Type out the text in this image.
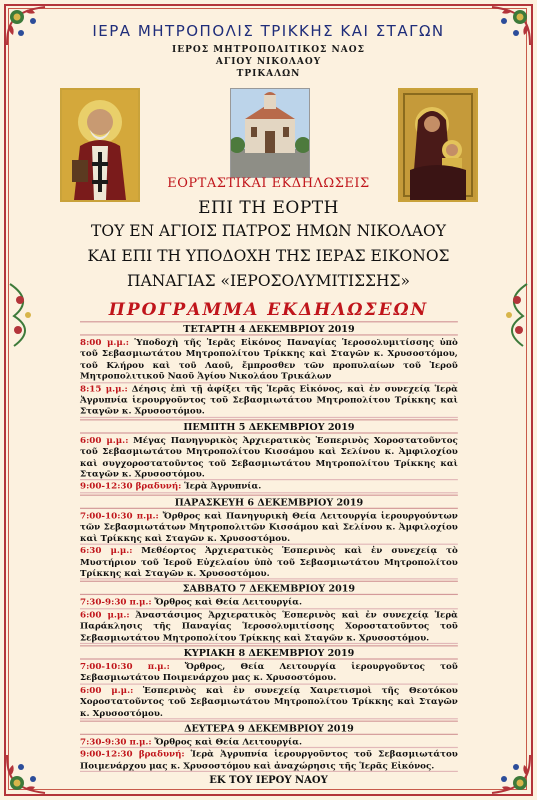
ΙΕΡΑ ΜΗΤΡΟΠΟΛΙΣ ΤΡΙΚΚΗΣ ΚΑΙ ΣΤΑΓΩΝ
ΙΕΡΟΣ ΜΗΤΡΟΠΟΛΙΤΙΚΟΣ ΝΑΟΣ
ΑΓΙΟΥ ΝΙΚΟΛΑΟΥ
ΤΡΙΚΑΛΩΝ
ΕΟΡΤΑΣΤΙΚΑΙ ΕΚΔΗΛΩΣΕΙΣ
ΕΠΙ ΤΗ ΕΟΡΤΗ
ΤΟΥ ΕΝ ΑΓΙΟΙΣ ΠΑΤΡΟΣ ΗΜΩΝ ΝΙΚΟΛΑΟΥ
ΚΑΙ ΕΠΙ ΤΗ ΥΠΟΔΟΧΗ ΤΗΣ ΙΕΡΑΣ ΕΙΚΟΝΟΣ
ΠΑΝΑΓΙΑΣ «ΙΕΡΟΣΟΛΥΜΙΤΙΣΣΗΣ»
ΠΡΟΓΡΑΜΜΑ ΕΚΔΗΛΩΣΕΩΝ
ΤΕΤΑΡΤΗ 4 ΔΕΚΕΜΒΡΙΟΥ 2019
8:00 μ.μ.: Ὑποδοχὴ τῆς Ἱερᾶς Εἰκόνος Παναγίας Ἱεροσολυμιτίσσης ὑπὸ τοῦ Σεβασμιωτάτου Μητροπολίτου Τρίκκης καὶ Σταγῶν κ. Χρυσοστόμου, τοῦ Κλήρου καὶ τοῦ Λαοῦ, ἔμπροσθεν τῶν προπυλαίων τοῦ Ἱεροῦ Μητροπολιτικοῦ Ναοῦ Ἁγίου Νικολάου Τρικάλων
8:15 μ.μ.: Δέησις ἐπὶ τῇ ἀφίξει τῆς Ἱερᾶς Εἰκόνος, καὶ ἐν συνεχείᾳ Ἱερὰ Ἀγρυπνία ἱερουργοῦντος τοῦ Σεβασμιωτάτου Μητροπολίτου Τρίκκης καὶ Σταγῶν κ. Χρυσοστόμου.
ΠΕΜΠΤΗ 5 ΔΕΚΕΜΒΡΙΟΥ 2019
6:00 μ.μ.: Μέγας Πανηγυρικὸς Ἀρχιερατικὸς Ἑσπερινὸς Χοροστατοῦντος τοῦ Σεβασμιωτάτου Μητροπολίτου Κισσάμου καὶ Σελίνου κ. Ἀμφιλοχίου καὶ συγχοροστατοῦντος τοῦ Σεβασμιωτάτου Μητροπολίτου Τρίκκης καὶ Σταγῶν κ. Χρυσοστόμου.
9:00-12:30 βραδυνή: Ἱερὰ Ἀγρυπνία.
ΠΑΡΑΣΚΕΥΗ 6 ΔΕΚΕΜΒΡΙΟΥ 2019
7:00-10:30 π.μ.: Ὄρθρος καὶ Πανηγυρικὴ Θεία Λειτουργία ἱερουργούντων τῶν Σεβασμιωτάτων Μητροπολιτῶν Κισσάμου καὶ Σελίνου κ. Ἀμφιλοχίου καὶ Τρίκκης καὶ Σταγῶν κ. Χρυσοστόμου.
6:30 μ.μ.: Μεθέορτος Ἀρχιερατικὸς Ἑσπερινὸς καὶ ἐν συνεχείᾳ τὸ Μυστήριον τοῦ Ἱεροῦ Εὐχελαίου ὑπὸ τοῦ Σεβασμιωτάτου Μητροπολίτου Τρίκκης καὶ Σταγῶν κ. Χρυσοστόμου.
ΣΑΒΒΑΤΟ 7 ΔΕΚΕΜΒΡΙΟΥ 2019
7:30-9:30 π.μ.: Ὄρθρος καὶ Θεία Λειτουργία.
6:00 μ.μ.: Ἀναστάσιμος Ἀρχιερατικὸς Ἑσπερινὸς καὶ ἐν συνεχείᾳ Ἱερὰ Παράκλησις τῆς Παναγίας Ἱεροσολυμιτίσσης Χοροστατοῦντος τοῦ Σεβασμιωτάτου Μητροπολίτου Τρίκκης καὶ Σταγῶν κ. Χρυσοστόμου.
ΚΥΡΙΑΚΗ 8 ΔΕΚΕΜΒΡΙΟΥ 2019
7:00-10:30 π.μ.: Ὄρθρος, Θεία Λειτουργία ἱερουργοῦντος τοῦ Σεβασμιωτάτου Ποιμενάρχου μας κ. Χρυσοστόμου.
6:00 μ.μ.: Ἑσπερινὸς καὶ ἐν συνεχείᾳ Χαιρετισμοὶ τῆς Θεοτόκου Χοροστατοῦντος τοῦ Σεβασμιωτάτου Μητροπολίτου Τρίκκης καὶ Σταγῶν κ. Χρυσοστόμου.
ΔΕΥΤΕΡΑ 9 ΔΕΚΕΜΒΡΙΟΥ 2019
7:30-9:30 π.μ.: Ὄρθρος καὶ Θεία Λειτουργία.
9:00-12:30 βραδυνή: Ἱερὰ Ἀγρυπνία ἱερουργοῦντος τοῦ Σεβασμιωτάτου Ποιμενάρχου μας κ. Χρυσοστόμου καὶ ἀναχώρησις τῆς Ἱερᾶς Εἰκόνος.
ΕΚ ΤΟΥ ΙΕΡΟΥ ΝΑΟΥ
